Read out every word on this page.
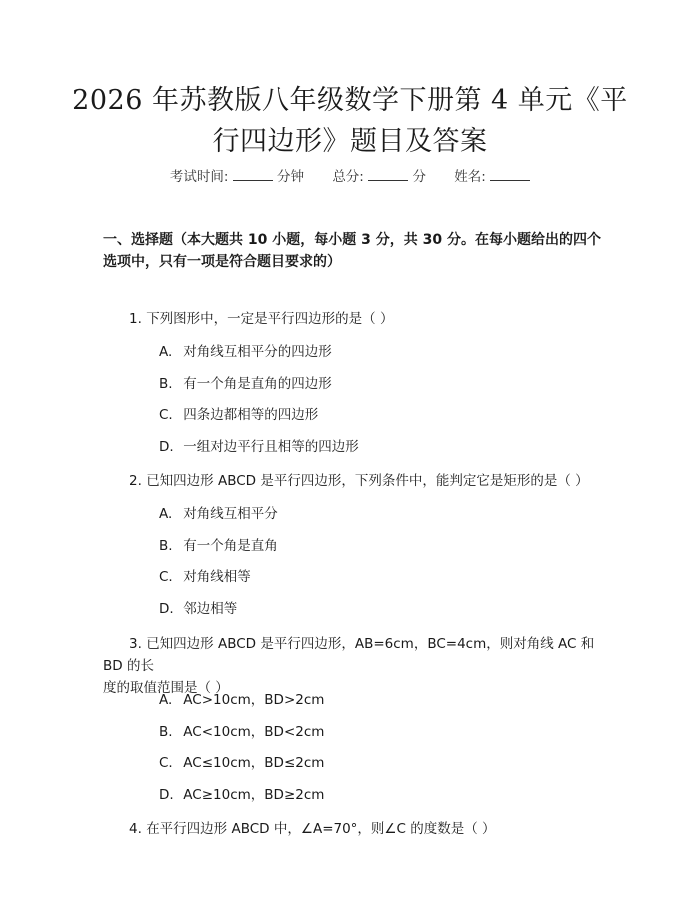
2026 年苏教版八年级数学下册第 4 单元《平
行四边形》题目及答案
考试时间:	分钟 总分:	分 姓名:
一、选择题（本大题共 10 小题，每小题 3 分，共 30 分。在每小题给出的四个选项中，只有一项是符合题目要求的）
1. 下列图形中，一定是平行四边形的是（ ）
A. 对角线互相平分的四边形
B. 有一个角是直角的四边形
C. 四条边都相等的四边形
D. 一组对边平行且相等的四边形
2. 已知四边形 ABCD 是平行四边形，下列条件中，能判定它是矩形的是（ ）
A. 对角线互相平分
B. 有一个角是直角
C. 对角线相等
D. 邻边相等
3. 已知四边形 ABCD 是平行四边形，AB=6cm，BC=4cm，则对角线 AC 和 BD 的长
度的取值范围是（ ）
A. AC>10cm，BD>2cm
B. AC<10cm，BD<2cm
C. AC≤10cm，BD≤2cm
D. AC≥10cm，BD≥2cm
4. 在平行四边形 ABCD 中，∠A=70°，则∠C 的度数是（ ）
